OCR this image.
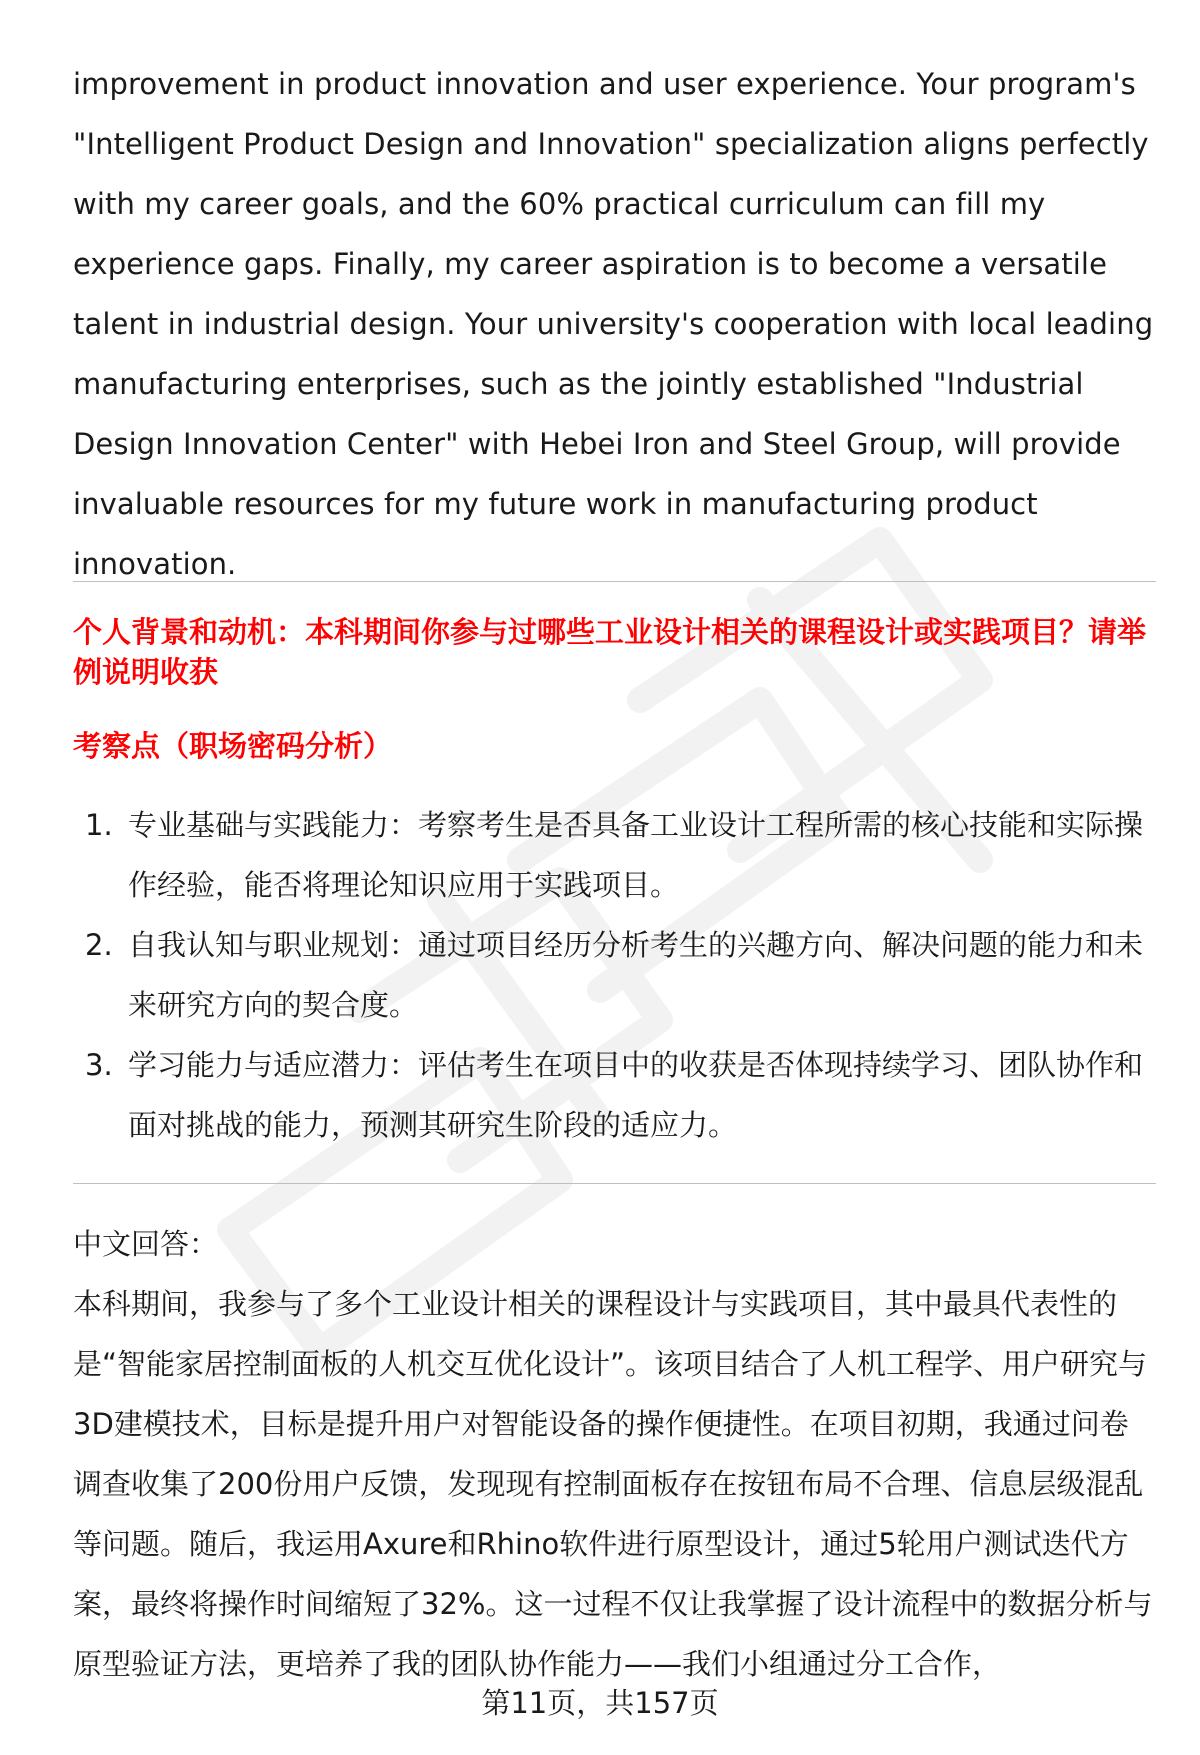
improvement in product innovation and user experience. Your program's "Intelligent Product Design and Innovation" specialization aligns perfectly with my career goals, and the 60% practical curriculum can fill my experience gaps. Finally, my career aspiration is to become a versatile talent in industrial design. Your university's cooperation with local leading manufacturing enterprises, such as the jointly established "Industrial Design Innovation Center" with Hebei Iron and Steel Group, will provide invaluable resources for my future work in manufacturing product innovation.

个人背景和动机：本科期间你参与过哪些工业设计相关的课程设计或实践项目？请举例说明收获
考察点（职场密码分析）
1. 专业基础与实践能力：考察考生是否具备工业设计工程所需的核心技能和实际操作经验，能否将理论知识应用于实践项目。
2. 自我认知与职业规划：通过项目经历分析考生的兴趣方向、解决问题的能力和未来研究方向的契合度。
3. 学习能力与适应潜力：评估考生在项目中的收获是否体现持续学习、团队协作和面对挑战的能力，预测其研究生阶段的适应力。
中文回答：

本科期间，我参与了多个工业设计相关的课程设计与实践项目，其中最具代表性的是“智能家居控制面板的人机交互优化设计”。该项目结合了人机工程学、用户研究与3D建模技术，目标是提升用户对智能设备的操作便捷性。在项目初期，我通过问卷调查收集了200份用户反馈，发现现有控制面板存在按钮布局不合理、信息层级混乱等问题。随后，我运用Axure和Rhino软件进行原型设计，通过5轮用户测试迭代方案，最终将操作时间缩短了32%。这一过程不仅让我掌握了设计流程中的数据分析与原型验证方法，更培养了我的团队协作能力——我们小组通过分工合作，

第11页，共157页
